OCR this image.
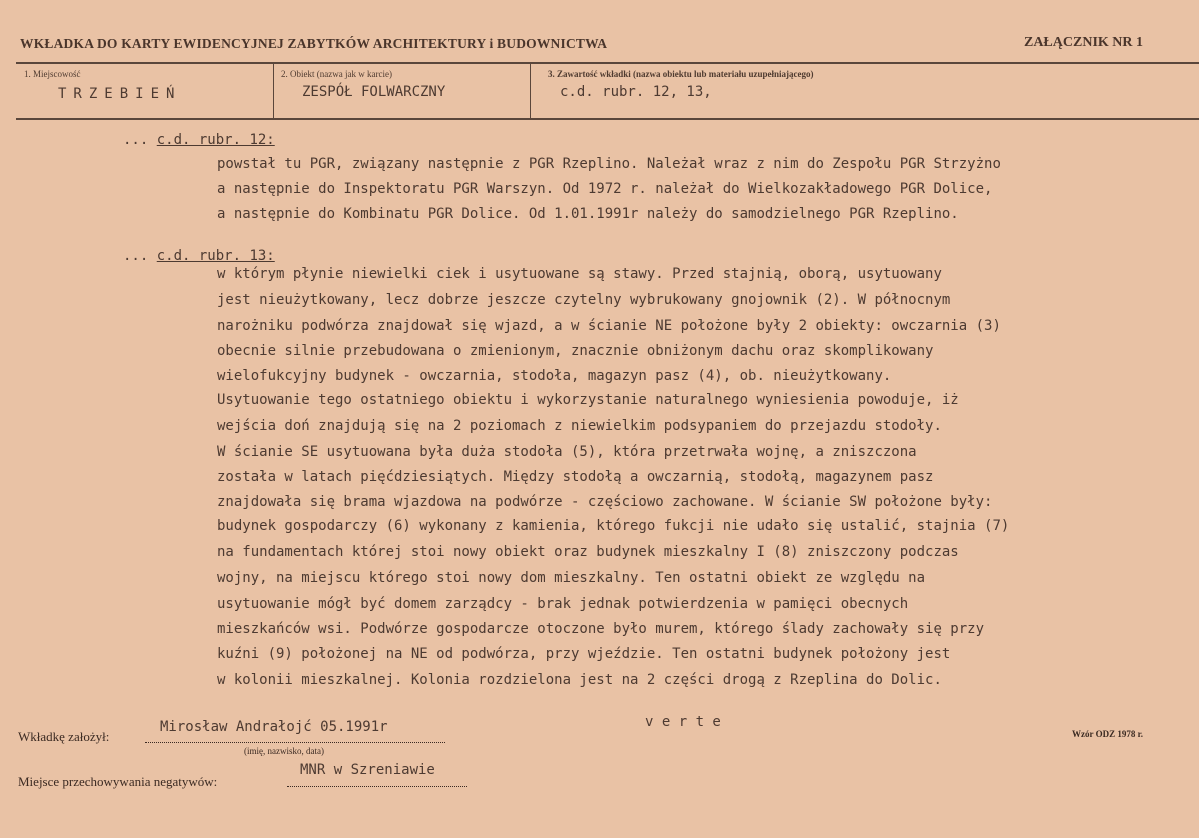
WKŁADKA DO KARTY EWIDENCYJNEJ ZABYTKÓW ARCHITEKTURY i BUDOWNICTWA	ZAŁĄCZNIK NR 1
1. Miejscowość
TRZEBIEŃ
2. Obiekt (nazwa jak w karcie)
ZESPÓŁ FOLWARCZNY
3. Zawartość wkładki (nazwa obiektu lub materiału uzupełniającego)
c.d. rubr. 12, 13,
... c.d. rubr. 12:
powstał tu PGR, związany następnie z PGR Rzeplino. Należał wraz z nim do Zespołu PGR Strzyżno
a następnie do Inspektoratu PGR Warszyn. Od 1972 r. należał do Wielkozakładowego PGR Dolice,
a następnie do Kombinatu PGR Dolice. Od 1.01.1991r należy do samodzielnego PGR Rzeplino.
... c.d. rubr. 13:
w którym płynie niewielki ciek i usytuowane są stawy. Przed stajnią, oborą, usytuowany
jest nieużytkowany, lecz dobrze jeszcze czytelny wybrukowany gnojownik (2). W północnym
narożniku podwórza znajdował się wjazd, a w ścianie NE położone były 2 obiekty: owczarnia (3)
obecnie silnie przebudowana o zmienionym, znacznie obniżonym dachu oraz skomplikowany
wielofukcyjny budynek - owczarnia, stodoła, magazyn pasz (4), ob. nieużytkowany.
Usytuowanie tego ostatniego obiektu i wykorzystanie naturalnego wyniesienia powoduje, iż
wejścia doń znajdują się na 2 poziomach z niewielkim podsypaniem do przejazdu stodoły.
W ścianie SE usytuowana była duża stodoła (5), która przetrwała wojnę, a zniszczona
została w latach pięćdziesiątych. Między stodołą a owczarnią, stodołą, magazynem pasz
znajdowała się brama wjazdowa na podwórze - częściowo zachowane. W ścianie SW położone były:
budynek gospodarczy (6) wykonany z kamienia, którego fukcji nie udało się ustalić, stajnia (7)
na fundamentach której stoi nowy obiekt oraz budynek mieszkalny I (8) zniszczony podczas
wojny, na miejscu którego stoi nowy dom mieszkalny. Ten ostatni obiekt ze względu na
usytuowanie mógł być domem zarządcy - brak jednak potwierdzenia w pamięci obecnych
mieszkańców wsi. Podwórze gospodarcze otoczone było murem, którego ślady zachowały się przy
kuźni (9) położonej na NE od podwórza, przy wjeździe. Ten ostatni budynek położony jest
w kolonii mieszkalnej. Kolonia rozdzielona jest na 2 części drogą z Rzeplina do Dolic.
v e r t e
Wkładkę założył:
Mirosław Andrałojć 05.1991r
(imię, nazwisko, data)
Miejsce przechowywania negatywów:
MNR w Szreniawie
Wzór ODZ 1978 r.
